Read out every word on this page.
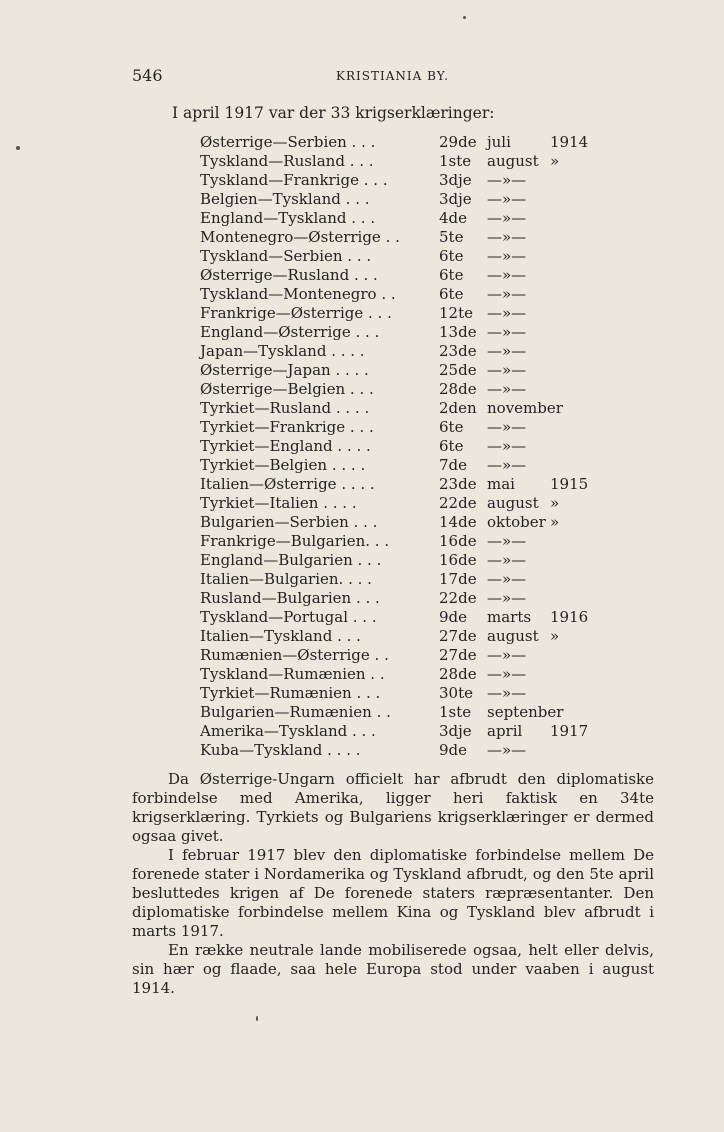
546	KRISTIANIA BY.
I april 1917 var der 33 krigserklæringer:
Østerrige—Serbien . . .	29de juli	1914
Tyskland—Rusland . . .	1ste august »
Tyskland—Frankrige . . .	3dje —»—
Belgien—Tyskland . . .	3dje —»—
England—Tyskland . . .	4de —»—
Montenegro—Østerrige . .	5te —»—
Tyskland—Serbien . . .	6te —»—
Østerrige—Rusland . . .	6te —»—
Tyskland—Montenegro . .	6te —»—
Frankrige—Østerrige . . .	12te —»—
England—Østerrige . . .	13de —»—
Japan—Tyskland . . . .	23de —»—
Østerrige—Japan . . . .	25de —»—
Østerrige—Belgien . . .	28de —»—
Tyrkiet—Rusland . . . .	2den november
Tyrkiet—Frankrige . . .	6te —»—
Tyrkiet—England . . . .	6te —»—
Tyrkiet—Belgien . . . .	7de —»—
Italien—Østerrige . . . .	23de mai 1915
Tyrkiet—Italien . . . .	22de august »
Bulgarien—Serbien . . .	14de oktober »
Frankrige—Bulgarien. . .	16de —»—
England—Bulgarien . . .	16de —»—
Italien—Bulgarien. . . .	17de —»—
Rusland—Bulgarien . . .	22de —»—
Tyskland—Portugal . . .	9de marts 1916
Italien—Tyskland . . .	27de august »
Rumænien—Østerrige . .	27de —»—
Tyskland—Rumænien . .	28de —»—
Tyrkiet—Rumænien . . .	30te —»—
Bulgarien—Rumænien . .	1ste septenber
Amerika—Tyskland . . .	3dje april 1917
Kuba—Tyskland . . . .	9de —»—

Da Østerrige-Ungarn officielt har afbrudt den diplomatiske forbindelse med Amerika, ligger heri faktisk en 34te krigserklæring. Tyrkiets og Bulgariens krigserklæringer er dermed ogsaa givet.

I februar 1917 blev den diplomatiske forbindelse mellem De forenede stater i Nordamerika og Tyskland afbrudt, og den 5te april besluttedes krigen af De forenede staters ræpræsentanter. Den diplomatiske forbindelse mellem Kina og Tyskland blev afbrudt i marts 1917.

En række neutrale lande mobiliserede ogsaa, helt eller delvis, sin hær og flaade, saa hele Europa stod under vaaben i august 1914.
